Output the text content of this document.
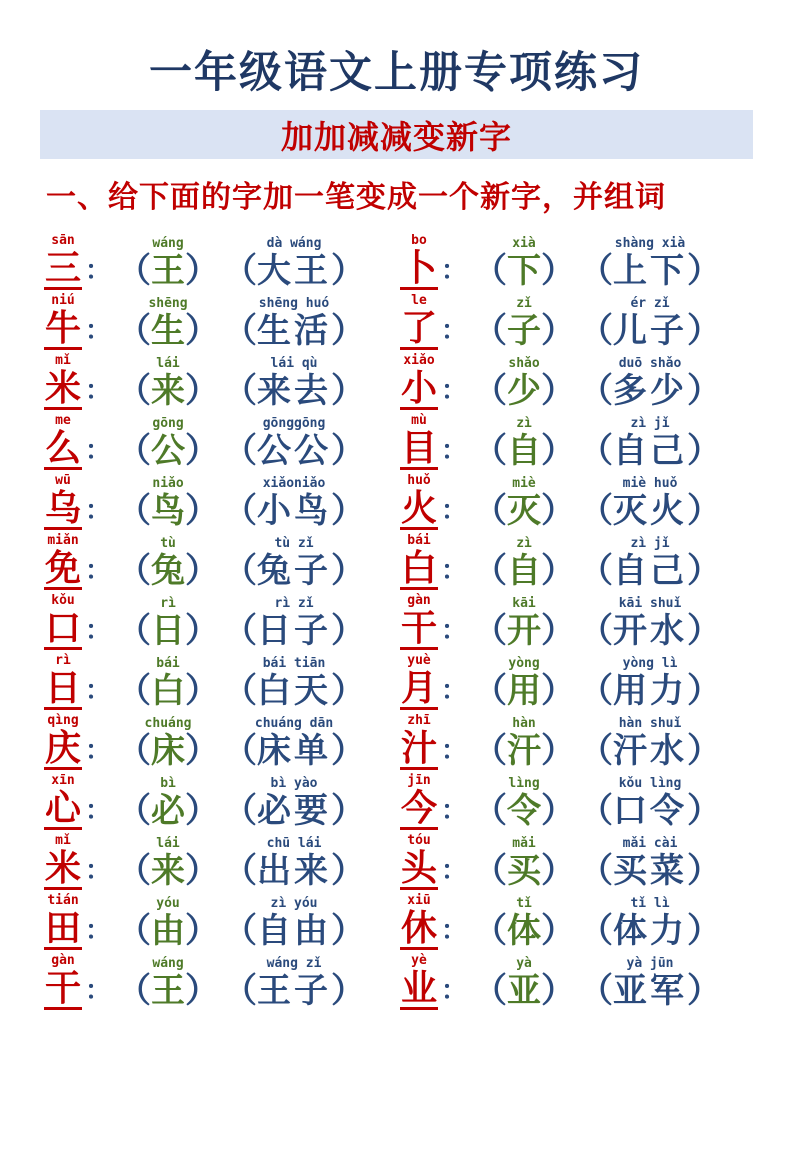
一年级语文上册专项练习
加加减减变新字
一、给下面的字加一笔变成一个新字，并组词
sān
三 ：
wáng
（王）
dà wáng
（大王）
bo
卜 ：
xià
（下）
shàng xià
（上下）
niú
牛 ：
shēng
（生）
shēng huó
（生活）
le
了 ：
zǐ
（子）
ér zǐ
（儿子）
mǐ
米 ：
lái
（来）
lái qù
（来去）
xiǎo
小 ：
shǎo
（少）
duō shǎo
（多少）
me
么 ：
gōng
（公）
gōnggōng
（公公）
mù
目 ：
zì
（自）
zì jǐ
（自己）
wū
乌 ：
niǎo
（鸟）
xiǎoniǎo
（小鸟）
huǒ
火 ：
miè
（灭）
miè huǒ
（灭火）
miǎn
免 ：
tù
（兔）
tù zǐ
（兔子）
bái
白 ：
zì
（自）
zì jǐ
（自己）
kǒu
口 ：
rì
（日）
rì zǐ
（日子）
gàn
干 ：
kāi
（开）
kāi shuǐ
（开水）
rì
日 ：
bái
（白）
bái tiān
（白天）
yuè
月 ：
yòng
（用）
yòng lì
（用力）
qìng
庆 ：
chuáng
（床）
chuáng dān
（床单）
zhī
汁 ：
hàn
（汗）
hàn shuǐ
（汗水）
xīn
心 ：
bì
（必）
bì yào
（必要）
jīn
今 ：
lìng
（令）
kǒu lìng
（口令）
mǐ
米 ：
lái
（来）
chū lái
（出来）
tóu
头 ：
mǎi
（买）
mǎi cài
（买菜）
tián
田 ：
yóu
（由）
zì yóu
（自由）
xiū
休 ：
tǐ
（体）
tǐ lì
（体力）
gàn
干 ：
wáng
（王）
wáng zǐ
（王子）
yè
业 ：
yà
（亚）
yà jūn
（亚军）
